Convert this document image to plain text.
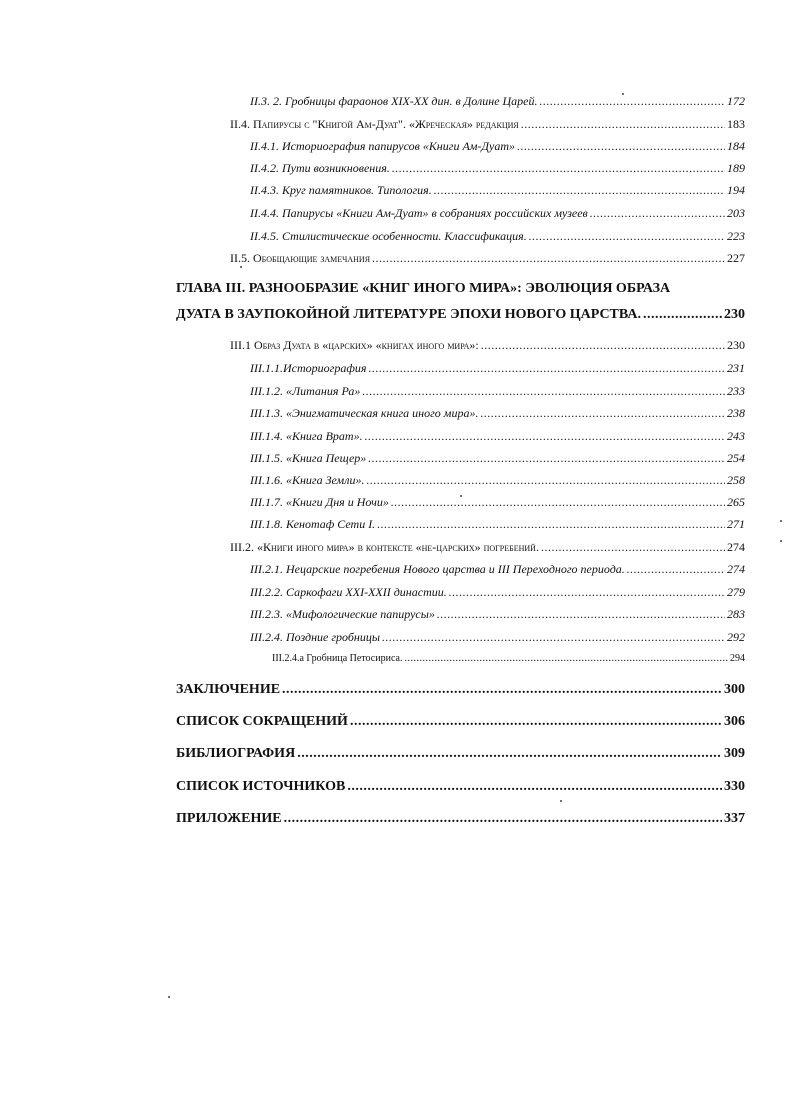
II.3. 2. Гробницы фараонов XIX-XX дин. в Долине Царей. .....	172
II.4. Папирусы с "Книгой Ам-Дуат". «Жреческая» редакция .....	183
II.4.1. Историография папирусов «Книги Ам-Дуат» .....	184
II.4.2. Пути возникновения. .....	189
II.4.3. Круг памятников. Типология. .....	194
II.4.4. Папирусы «Книги Ам-Дуат» в собраниях российских музеев .....	203
II.4.5. Стилистические особенности. Классификация. .....	223
II.5. Обобщающие замечания .....	227
ГЛАВА III. РАЗНООБРАЗИЕ «КНИГ ИНОГО МИРА»: ЭВОЛЮЦИЯ ОБРАЗА
ДУАТА В ЗАУПОКОЙНОЙ ЛИТЕРАТУРЕ ЭПОХИ НОВОГО ЦАРСТВА. .....	230
III.1 Образ Дуата в «царских» «книгах иного мира»: .....	230
III.1.1.Историография .....	231
III.1.2. «Литания Ра» .....	233
III.1.3. «Энигматическая книга иного мира». .....	238
III.1.4. «Книга Врат». .....	243
III.1.5. «Книга Пещер» .....	254
III.1.6. «Книга Земли». .....	258
III.1.7. «Книги Дня и Ночи» .....	265
III.1.8. Кенотаф Сети I. .....	271
III.2. «Книги иного мира» в контексте «не-царских» погребений. .....	274
III.2.1. Нецарские погребения Нового царства и III Переходного периода. .....	274
III.2.2. Саркофаги XXI-XXII династии. .....	279
III.2.3. «Мифологические папирусы» .....	283
III.2.4. Поздние гробницы .....	292
III.2.4.а Гробница Петосириса. .....	294
ЗАКЛЮЧЕНИЕ .....	300
СПИСОК СОКРАЩЕНИЙ .....	306
БИБЛИОГРАФИЯ .....	309
СПИСОК ИСТОЧНИКОВ .....	330
ПРИЛОЖЕНИЕ .....	337
